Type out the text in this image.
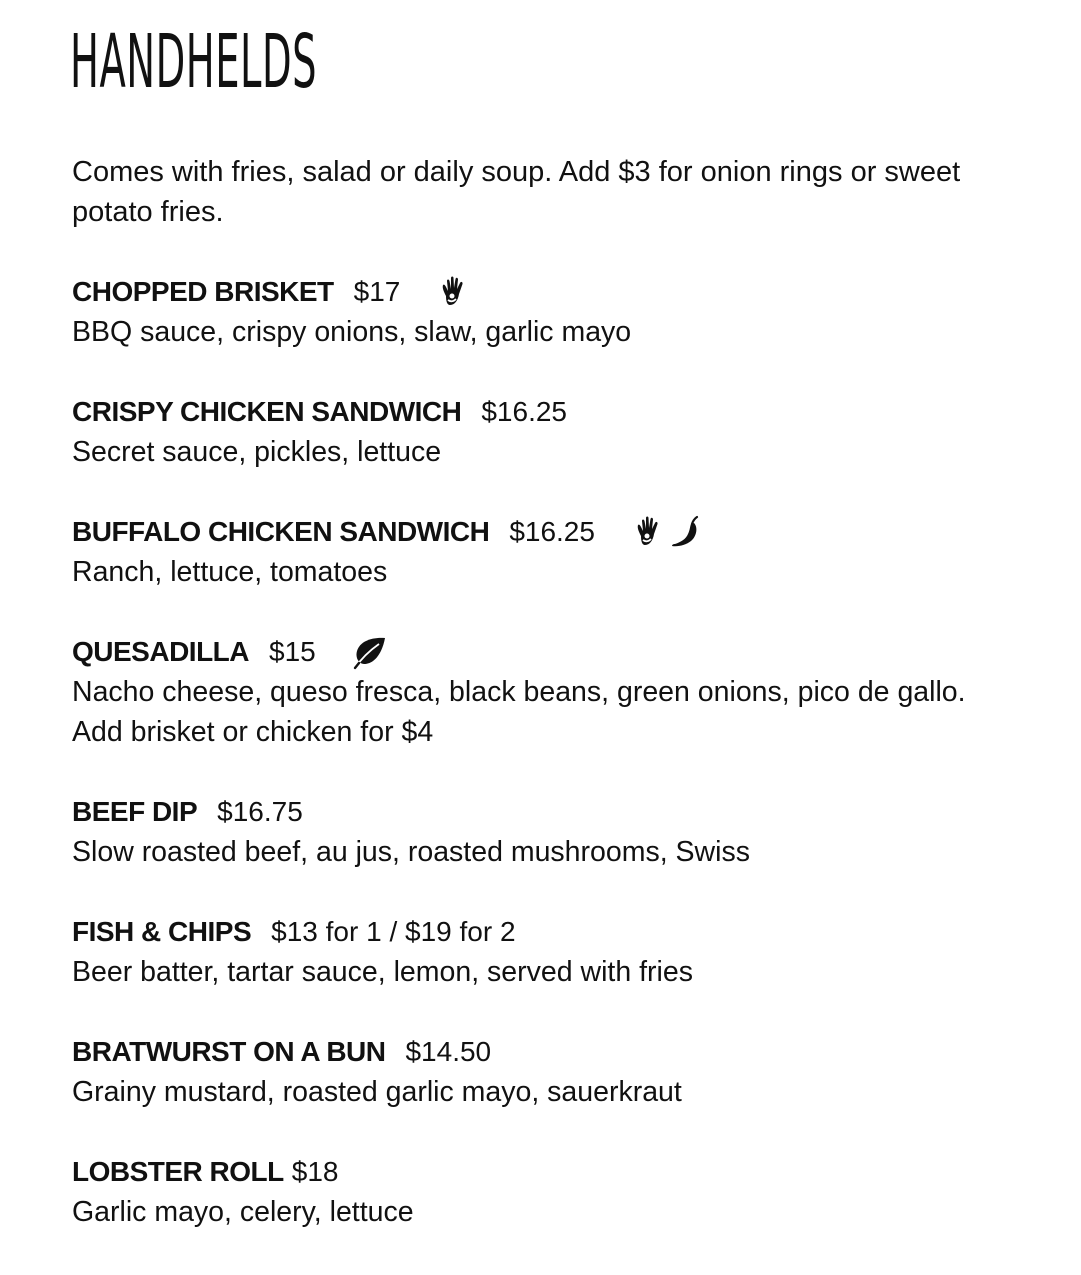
HANDHELDS
Comes with fries, salad or daily soup. Add $3 for onion rings or sweet potato fries.
CHOPPED BRISKET $17
BBQ sauce, crispy onions, slaw, garlic mayo
CRISPY CHICKEN SANDWICH $16.25
Secret sauce, pickles, lettuce
BUFFALO CHICKEN SANDWICH $16.25
Ranch, lettuce, tomatoes
QUESADILLA $15
Nacho cheese, queso fresca, black beans, green onions, pico de gallo.
Add brisket or chicken for $4
BEEF DIP $16.75
Slow roasted beef, au jus, roasted mushrooms, Swiss
FISH & CHIPS $13 for 1 / $19 for 2
Beer batter, tartar sauce, lemon, served with fries
BRATWURST ON A BUN $14.50
Grainy mustard, roasted garlic mayo, sauerkraut
LOBSTER ROLL $18
Garlic mayo, celery, lettuce
